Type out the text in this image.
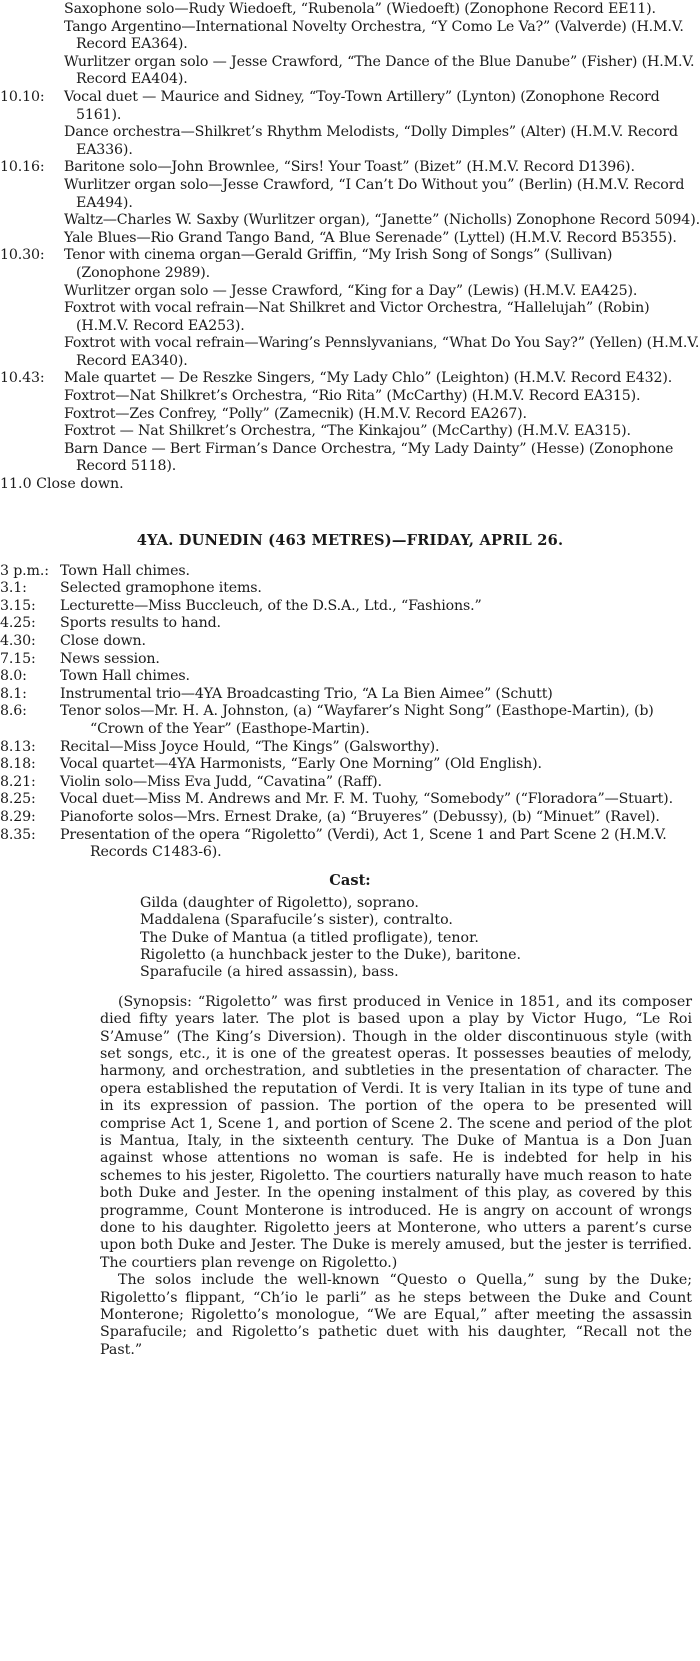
Saxophone solo—Rudy Wiedoeft, “Rubenola” (Wiedoeft) (Zonophone Record EE11).
Tango Argentino—International Novelty Orchestra, “Y Como Le Va?” (Valverde) (H.M.V. Record EA364).
Wurlitzer organ solo — Jesse Crawford, “The Dance of the Blue Danube” (Fisher) (H.M.V. Record EA404).
10.10: Vocal duet — Maurice and Sidney, “Toy-Town Artillery” (Lynton) (Zonophone Record 5161).
Dance orchestra—Shilkret’s Rhythm Melodists, “Dolly Dimples” (Alter) (H.M.V. Record EA336).
10.16: Baritone solo—John Brownlee, “Sirs! Your Toast” (Bizet” (H.M.V. Record D1396).
Wurlitzer organ solo—Jesse Crawford, “I Can’t Do Without you” (Berlin) (H.M.V. Record EA494).
Waltz—Charles W. Saxby (Wurlitzer organ), “Janette” (Nicholls) Zonophone Record 5094).
Yale Blues—Rio Grand Tango Band, “A Blue Serenade” (Lyttel) (H.M.V. Record B5355).
10.30: Tenor with cinema organ—Gerald Griffin, “My Irish Song of Songs” (Sullivan) (Zonophone 2989).
Wurlitzer organ solo — Jesse Crawford, “King for a Day” (Lewis) (H.M.V. EA425).
Foxtrot with vocal refrain—Nat Shilkret and Victor Orchestra, “Hallelujah” (Robin) (H.M.V. Record EA253).
Foxtrot with vocal refrain—Waring’s Pennslyvanians, “What Do You Say?” (Yellen) (H.M.V. Record EA340).
10.43: Male quartet — De Reszke Singers, “My Lady Chlo” (Leighton) (H.M.V. Record E432).
Foxtrot—Nat Shilkret’s Orchestra, “Rio Rita” (McCarthy) (H.M.V. Record EA315).
Foxtrot—Zes Confrey, “Polly” (Zamecnik) (H.M.V. Record EA267).
Foxtrot — Nat Shilkret’s Orchestra, “The Kinkajou” (McCarthy) (H.M.V. EA315).
Barn Dance — Bert Firman’s Dance Orchestra, “My Lady Dainty” (Hesse) (Zonophone Record 5118).
11.0 Close down.
4YA. DUNEDIN (463 METRES)—FRIDAY, APRIL 26.
3 p.m.: Town Hall chimes.
3.1: Selected gramophone items.
3.15: Lecturette—Miss Buccleuch, of the D.S.A., Ltd., “Fashions.”
4.25: Sports results to hand.
4.30: Close down.
7.15: News session.
8.0: Town Hall chimes.
8.1: Instrumental trio—4YA Broadcasting Trio, “A La Bien Aimee” (Schutt)
8.6: Tenor solos—Mr. H. A. Johnston, (a) “Wayfarer’s Night Song” (Easthope-Martin), (b) “Crown of the Year” (Easthope-Martin).
8.13: Recital—Miss Joyce Hould, “The Kings” (Galsworthy).
8.18: Vocal quartet—4YA Harmonists, “Early One Morning” (Old English).
8.21: Violin solo—Miss Eva Judd, “Cavatina” (Raff).
8.25: Vocal duet—Miss M. Andrews and Mr. F. M. Tuohy, “Somebody” (“Floradora”—Stuart).
8.29: Pianoforte solos—Mrs. Ernest Drake, (a) “Bruyeres” (Debussy), (b) “Minuet” (Ravel).
8.35: Presentation of the opera “Rigoletto” (Verdi), Act 1, Scene 1 and Part Scene 2 (H.M.V. Records C1483-6).
Cast:
Gilda (daughter of Rigoletto), soprano.
Maddalena (Sparafucile’s sister), contralto.
The Duke of Mantua (a titled profligate), tenor.
Rigoletto (a hunchback jester to the Duke), baritone.
Sparafucile (a hired assassin), bass.

(Synopsis: “Rigoletto” was first produced in Venice in 1851, and its composer died fifty years later. The plot is based upon a play by Victor Hugo, “Le Roi S’Amuse” (The King’s Diversion). Though in the older discontinuous style (with set songs, etc., it is one of the greatest operas. It possesses beauties of melody, harmony, and orchestration, and subtleties in the presentation of character. The opera established the reputation of Verdi. It is very Italian in its type of tune and in its expression of passion. The portion of the opera to be presented will comprise Act 1, Scene 1, and portion of Scene 2. The scene and period of the plot is Mantua, Italy, in the sixteenth century. The Duke of Mantua is a Don Juan against whose attentions no woman is safe. He is indebted for help in his schemes to his jester, Rigoletto. The courtiers naturally have much reason to hate both Duke and Jester. In the opening instalment of this play, as covered by this programme, Count Monterone is introduced. He is angry on account of wrongs done to his daughter. Rigoletto jeers at Monterone, who utters a parent’s curse upon both Duke and Jester. The Duke is merely amused, but the jester is terrified. The courtiers plan revenge on Rigoletto.)

The solos include the well-known “Questo o Quella,” sung by the Duke; Rigoletto’s flippant, “Ch’io le parli” as he steps between the Duke and Count Monterone; Rigoletto’s monologue, “We are Equal,” after meeting the assassin Sparafucile; and Rigoletto’s pathetic duet with his daughter, “Recall not the Past.”
